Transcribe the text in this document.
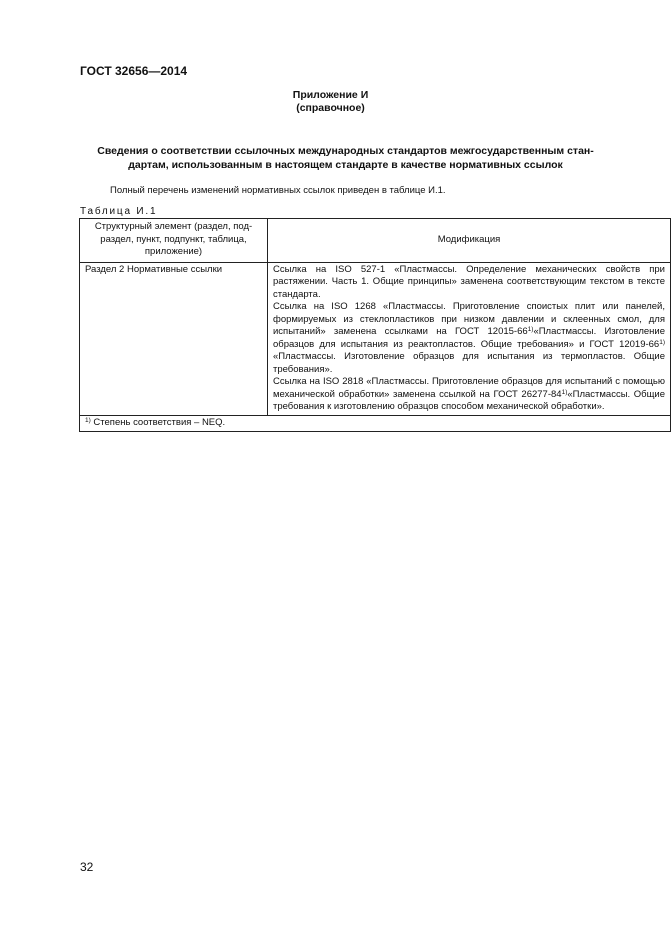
ГОСТ 32656—2014
Приложение И
(справочное)
Сведения о соответствии ссылочных международных стандартов межгосударственным стан-
дартам, использованным в настоящем стандарте в качестве нормативных ссылок
Полный перечень изменений нормативных ссылок приведен в таблице И.1.
Таблица И.1
Структурный элемент (раздел, под-
раздел, пункт, подпункт, таблица,
приложение)	Модификация
Раздел 2 Нормативные ссылки	Ссылка на ISO 527-1 «Пластмассы. Определение механических свойств при растяжении. Часть 1. Общие принципы» заменена соответствующим текстом в тексте стандарта.

Ссылка на ISO 1268 «Пластмассы. Приготовление споистых плит или панелей, формируемых из стеклопластиков при низком давлении и склеенных смол, для испытаний» заменена ссылками на ГОСТ 12015-66$^{1)}$«Пластмассы. Изготовление образцов для испытания из реактопластов. Общие требования» и ГОСТ 12019-66$^{1)}$ «Пластмассы. Изготовление образцов для испытания из термопластов. Общие требования».

Ссылка на ISO 2818 «Пластмассы. Приготовление образцов для испытаний с помощью механической обработки» заменена ссылкой на ГОСТ 26277-84$^{1)}$«Пластмассы. Общие требования к изготовлению образцов способом механической обработки».

$^{1)}$ Степень соответствия – NEQ.	
32
